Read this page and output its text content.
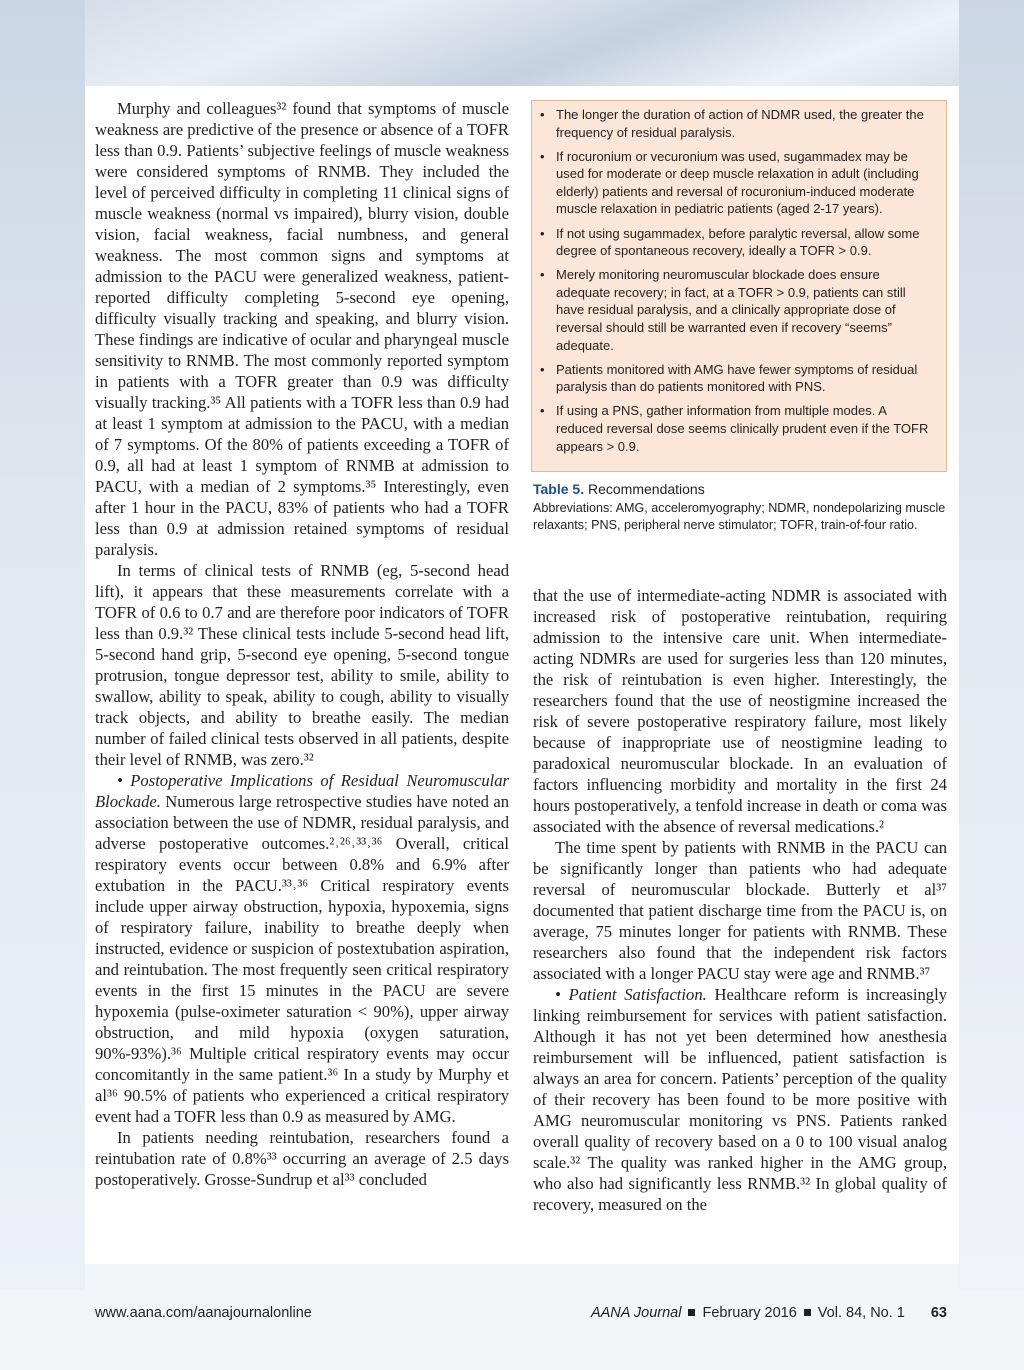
Murphy and colleagues³² found that symptoms of muscle weakness are predictive of the presence or absence of a TOFR less than 0.9. Patients’ subjective feelings of muscle weakness were considered symptoms of RNMB. They included the level of perceived difficulty in completing 11 clinical signs of muscle weakness (normal vs impaired), blurry vision, double vision, facial weakness, facial numbness, and general weakness. The most common signs and symptoms at admission to the PACU were generalized weakness, patient-reported difficulty completing 5-second eye opening, difficulty visually tracking and speaking, and blurry vision. These findings are indicative of ocular and pharyngeal muscle sensitivity to RNMB. The most commonly reported symptom in patients with a TOFR greater than 0.9 was difficulty visually tracking.³⁵ All patients with a TOFR less than 0.9 had at least 1 symptom at admission to the PACU, with a median of 7 symptoms. Of the 80% of patients exceeding a TOFR of 0.9, all had at least 1 symptom of RNMB at admission to PACU, with a median of 2 symptoms.³⁵ Interestingly, even after 1 hour in the PACU, 83% of patients who had a TOFR less than 0.9 at admission retained symptoms of residual paralysis.

In terms of clinical tests of RNMB (eg, 5-second head lift), it appears that these measurements correlate with a TOFR of 0.6 to 0.7 and are therefore poor indicators of TOFR less than 0.9.³² These clinical tests include 5-second head lift, 5-second hand grip, 5-second eye opening, 5-second tongue protrusion, tongue depressor test, ability to smile, ability to swallow, ability to speak, ability to cough, ability to visually track objects, and ability to breathe easily. The median number of failed clinical tests observed in all patients, despite their level of RNMB, was zero.³²

• Postoperative Implications of Residual Neuromuscular Blockade. Numerous large retrospective studies have noted an association between the use of NDMR, residual paralysis, and adverse postoperative outcomes.²˒²⁶˒³³˒³⁶ Overall, critical respiratory events occur between 0.8% and 6.9% after extubation in the PACU.³³˒³⁶ Critical respiratory events include upper airway obstruction, hypoxia, hypoxemia, signs of respiratory failure, inability to breathe deeply when instructed, evidence or suspicion of postextubation aspiration, and reintubation. The most frequently seen critical respiratory events in the first 15 minutes in the PACU are severe hypoxemia (pulse-oximeter saturation < 90%), upper airway obstruction, and mild hypoxia (oxygen saturation, 90%-93%).³⁶ Multiple critical respiratory events may occur concomitantly in the same patient.³⁶ In a study by Murphy et al³⁶ 90.5% of patients who experienced a critical respiratory event had a TOFR less than 0.9 as measured by AMG.

In patients needing reintubation, researchers found a reintubation rate of 0.8%³³ occurring an average of 2.5 days postoperatively. Grosse-Sundrup et al³³ concluded

• The longer the duration of action of NDMR used, the greater the frequency of residual paralysis.
• If rocuronium or vecuronium was used, sugammadex may be used for moderate or deep muscle relaxation in adult (including elderly) patients and reversal of rocuronium-induced moderate muscle relaxation in pediatric patients (aged 2-17 years).
• If not using sugammadex, before paralytic reversal, allow some degree of spontaneous recovery, ideally a TOFR > 0.9.
• Merely monitoring neuromuscular blockade does ensure adequate recovery; in fact, at a TOFR > 0.9, patients can still have residual paralysis, and a clinically appropriate dose of reversal should still be warranted even if recovery “seems” adequate.
• Patients monitored with AMG have fewer symptoms of residual paralysis than do patients monitored with PNS.
• If using a PNS, gather information from multiple modes. A reduced reversal dose seems clinically prudent even if the TOFR appears > 0.9.
Table 5. Recommendations
Abbreviations: AMG, acceleromyography; NDMR, nondepolarizing muscle relaxants; PNS, peripheral nerve stimulator; TOFR, train-of-four ratio.

that the use of intermediate-acting NDMR is associated with increased risk of postoperative reintubation, requiring admission to the intensive care unit. When intermediate-acting NDMRs are used for surgeries less than 120 minutes, the risk of reintubation is even higher. Interestingly, the researchers found that the use of neostigmine increased the risk of severe postoperative respiratory failure, most likely because of inappropriate use of neostigmine leading to paradoxical neuromuscular blockade. In an evaluation of factors influencing morbidity and mortality in the first 24 hours postoperatively, a tenfold increase in death or coma was associated with the absence of reversal medications.²

The time spent by patients with RNMB in the PACU can be significantly longer than patients who had adequate reversal of neuromuscular blockade. Butterly et al³⁷ documented that patient discharge time from the PACU is, on average, 75 minutes longer for patients with RNMB. These researchers also found that the independent risk factors associated with a longer PACU stay were age and RNMB.³⁷

• Patient Satisfaction. Healthcare reform is increasingly linking reimbursement for services with patient satisfaction. Although it has not yet been determined how anesthesia reimbursement will be influenced, patient satisfaction is always an area for concern. Patients’ perception of the quality of their recovery has been found to be more positive with AMG neuromuscular monitoring vs PNS. Patients ranked overall quality of recovery based on a 0 to 100 visual analog scale.³² The quality was ranked higher in the AMG group, who also had significantly less RNMB.³² In global quality of recovery, measured on the

www.aana.com/aanajournalonline	AANA Journal February 2016 Vol. 84, No. 1 63
